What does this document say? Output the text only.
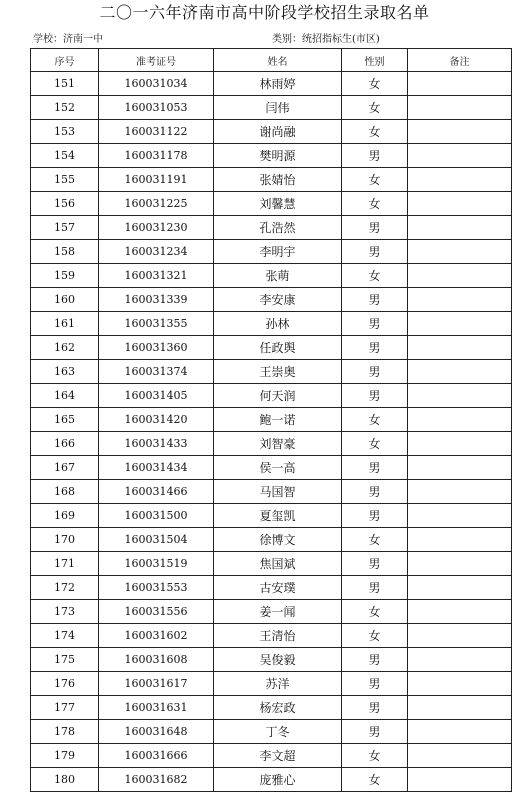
二〇一六年济南市高中阶段学校招生录取名单
学校：济南一中	类别：统招指标生(市区)
序号	准考证号	姓名	性别	备注
151	160031034	林雨婷	女	
152	160031053	闫伟	女	
153	160031122	谢尚融	女	
154	160031178	樊明源	男	
155	160031191	张婧怡	女	
156	160031225	刘馨慧	女	
157	160031230	孔浩然	男	
158	160031234	李明宇	男	
159	160031321	张萌	女	
160	160031339	李安康	男	
161	160031355	孙林	男	
162	160031360	任政舆	男	
163	160031374	王崇奥	男	
164	160031405	何天润	男	
165	160031420	鲍一诺	女	
166	160031433	刘智豪	女	
167	160031434	侯一高	男	
168	160031466	马国智	男	
169	160031500	夏玺凯	男	
170	160031504	徐博文	女	
171	160031519	焦国斌	男	
172	160031553	古安璞	男	
173	160031556	姜一闻	女	
174	160031602	王清怡	女	
175	160031608	吴俊毅	男	
176	160031617	苏洋	男	
177	160031631	杨宏政	男	
178	160031648	丁冬	男	
179	160031666	李文超	女	
180	160031682	庞雅心	女	
